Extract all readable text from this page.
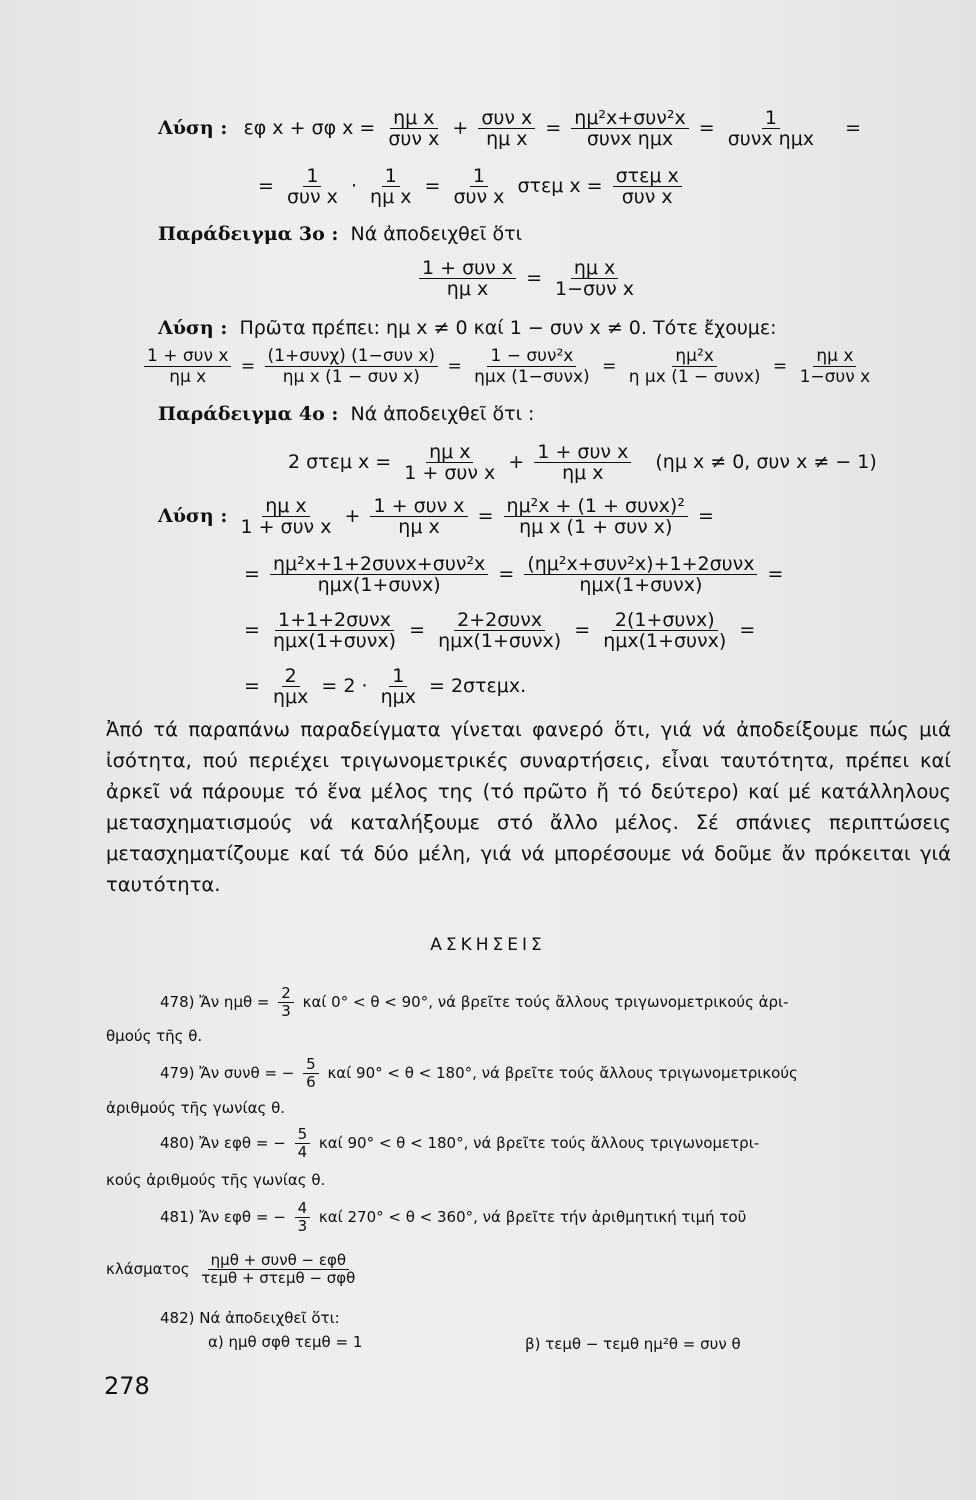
Λύση : εφ x + σφ $x = \frac{\text{ημ x}}{\text{συν x}} + \frac{\text{συν x}}{\text{ημ x}} = \frac{\text{ημ²x+συν²x}}{\text{συνx ημx}} = \frac{1}{\text{συνx ημx}}$ =
= $\frac{1}{\text{συν x}} \cdot \frac{1}{\text{ημ x}} = \frac{1}{\text{συν x}}$ στεμ $x = \frac{\text{στεμ x}}{\text{συν x}}$
Παράδειγμα 3ο : Νά ἀποδειχθεῖ ὅτι
$\frac{\text{1 + συν x}}{\text{ημ x}} = \frac{\text{ημ x}}{\text{1−συν x}}$
Λύση : Πρῶτα πρέπει: ημ x ≠ 0 καί 1 − συν x ≠ 0. Τότε ἔχουμε:
$\frac{\text{1 + συν x}}{\text{ημ x}} = \frac{\text{(1+συνχ) (1−συν x)}}{\text{ημ x (1 − συν x)}} = \frac{\text{1 − συν²x}}{\text{ημx (1−συνx)}} = \frac{\text{ημ²x}}{\text{η μx (1 − συνx)}} = \frac{\text{ημ x}}{\text{1−συν x}}$
Παράδειγμα 4ο : Νά ἀποδειχθεῖ ὅτι :
2 στεμ $x = \frac{\text{ημ x}}{\text{1 + συν x}} + \frac{\text{1 + συν x}}{\text{ημ x}} (\eta\mu$ x ≠ 0, συν x ≠ − 1)
Λύση : $\frac{\text{ημ x}}{\text{1 + συν x}} + \frac{\text{1 + συν x}}{\text{ημ x}} = \frac{\text{ημ²x + (1 + συνx)²}}{\text{ημ x (1 + συν x)}}$ =
= $\frac{\text{ημ²x+1+2συνx+συν²x}}{\text{ημx(1+συνx)}} = \frac{\text{(ημ²x+συν²x)+1+2συνx}}{\text{ημx(1+συνx)}}$ =
= $\frac{\text{1+1+2συνx}}{\text{ημx(1+συνx)}} = \frac{\text{2+2συνx}}{\text{ημx(1+συνx)}} = \frac{\text{2(1+συνx)}}{\text{ημx(1+συνx)}}$ =
= $\frac{2}{\text{ημx}} = 2 \cdot \frac{1}{\text{ημx}} = 2\sigma\tau\varepsilon\mu x$.
Ἀπό τά παραπάνω παραδείγματα γίνεται φανερό ὅτι, γιά νά ἀποδείξουμε πώς μιά ἰσότητα, πού περιέχει τριγωνομετρικές συναρτήσεις, εἶναι ταυτότητα, πρέπει καί ἀρκεῖ νά πάρουμε τό ἕνα μέλος της (τό πρῶτο ἤ τό δεύτερο) καί μέ κατάλληλους μετασχηματισμούς νά καταλήξουμε στό ἄλλο μέλος. Σέ σπάνιες περιπτώσεις μετασχηματίζουμε καί τά δύο μέλη, γιά νά μπορέσουμε νά δοῦμε ἄν πρόκειται γιά ταυτότητα.
ΑΣΚΗΣΕΙΣ
478) Ἄν $\eta\mu\theta = \frac{2}{3}$ καί 0° < θ < 90°, νά βρεῖτε τούς ἄλλους τριγωνομετρικούς ἀρι-
θμούς τῆς θ.
479) Ἄν συνθ = − $\frac{5}{6}$ καί 90° < θ < 180°, νά βρεῖτε τούς ἄλλους τριγωνομετρικούς
ἀριθμούς τῆς γωνίας θ.
480) Ἄν εφθ = − $\frac{5}{4}$ καί 90° < θ < 180°, νά βρεῖτε τούς ἄλλους τριγωνομετρι-
κούς ἀριθμούς τῆς γωνίας θ.
481) Ἄν εφθ = − $\frac{4}{3}$ καί 270° < θ < 360°, νά βρεῖτε τήν ἀριθμητική τιμή τοῦ
κλάσματος $\frac{\text{ημθ + συνθ − εφθ}}{\text{τεμθ + στεμθ − σφθ}}$
482) Νά ἀποδειχθεῖ ὅτι:
α) ημθ σφθ τεμθ = 1	β) τεμθ − τεμθ ημ²θ = συν θ
278
